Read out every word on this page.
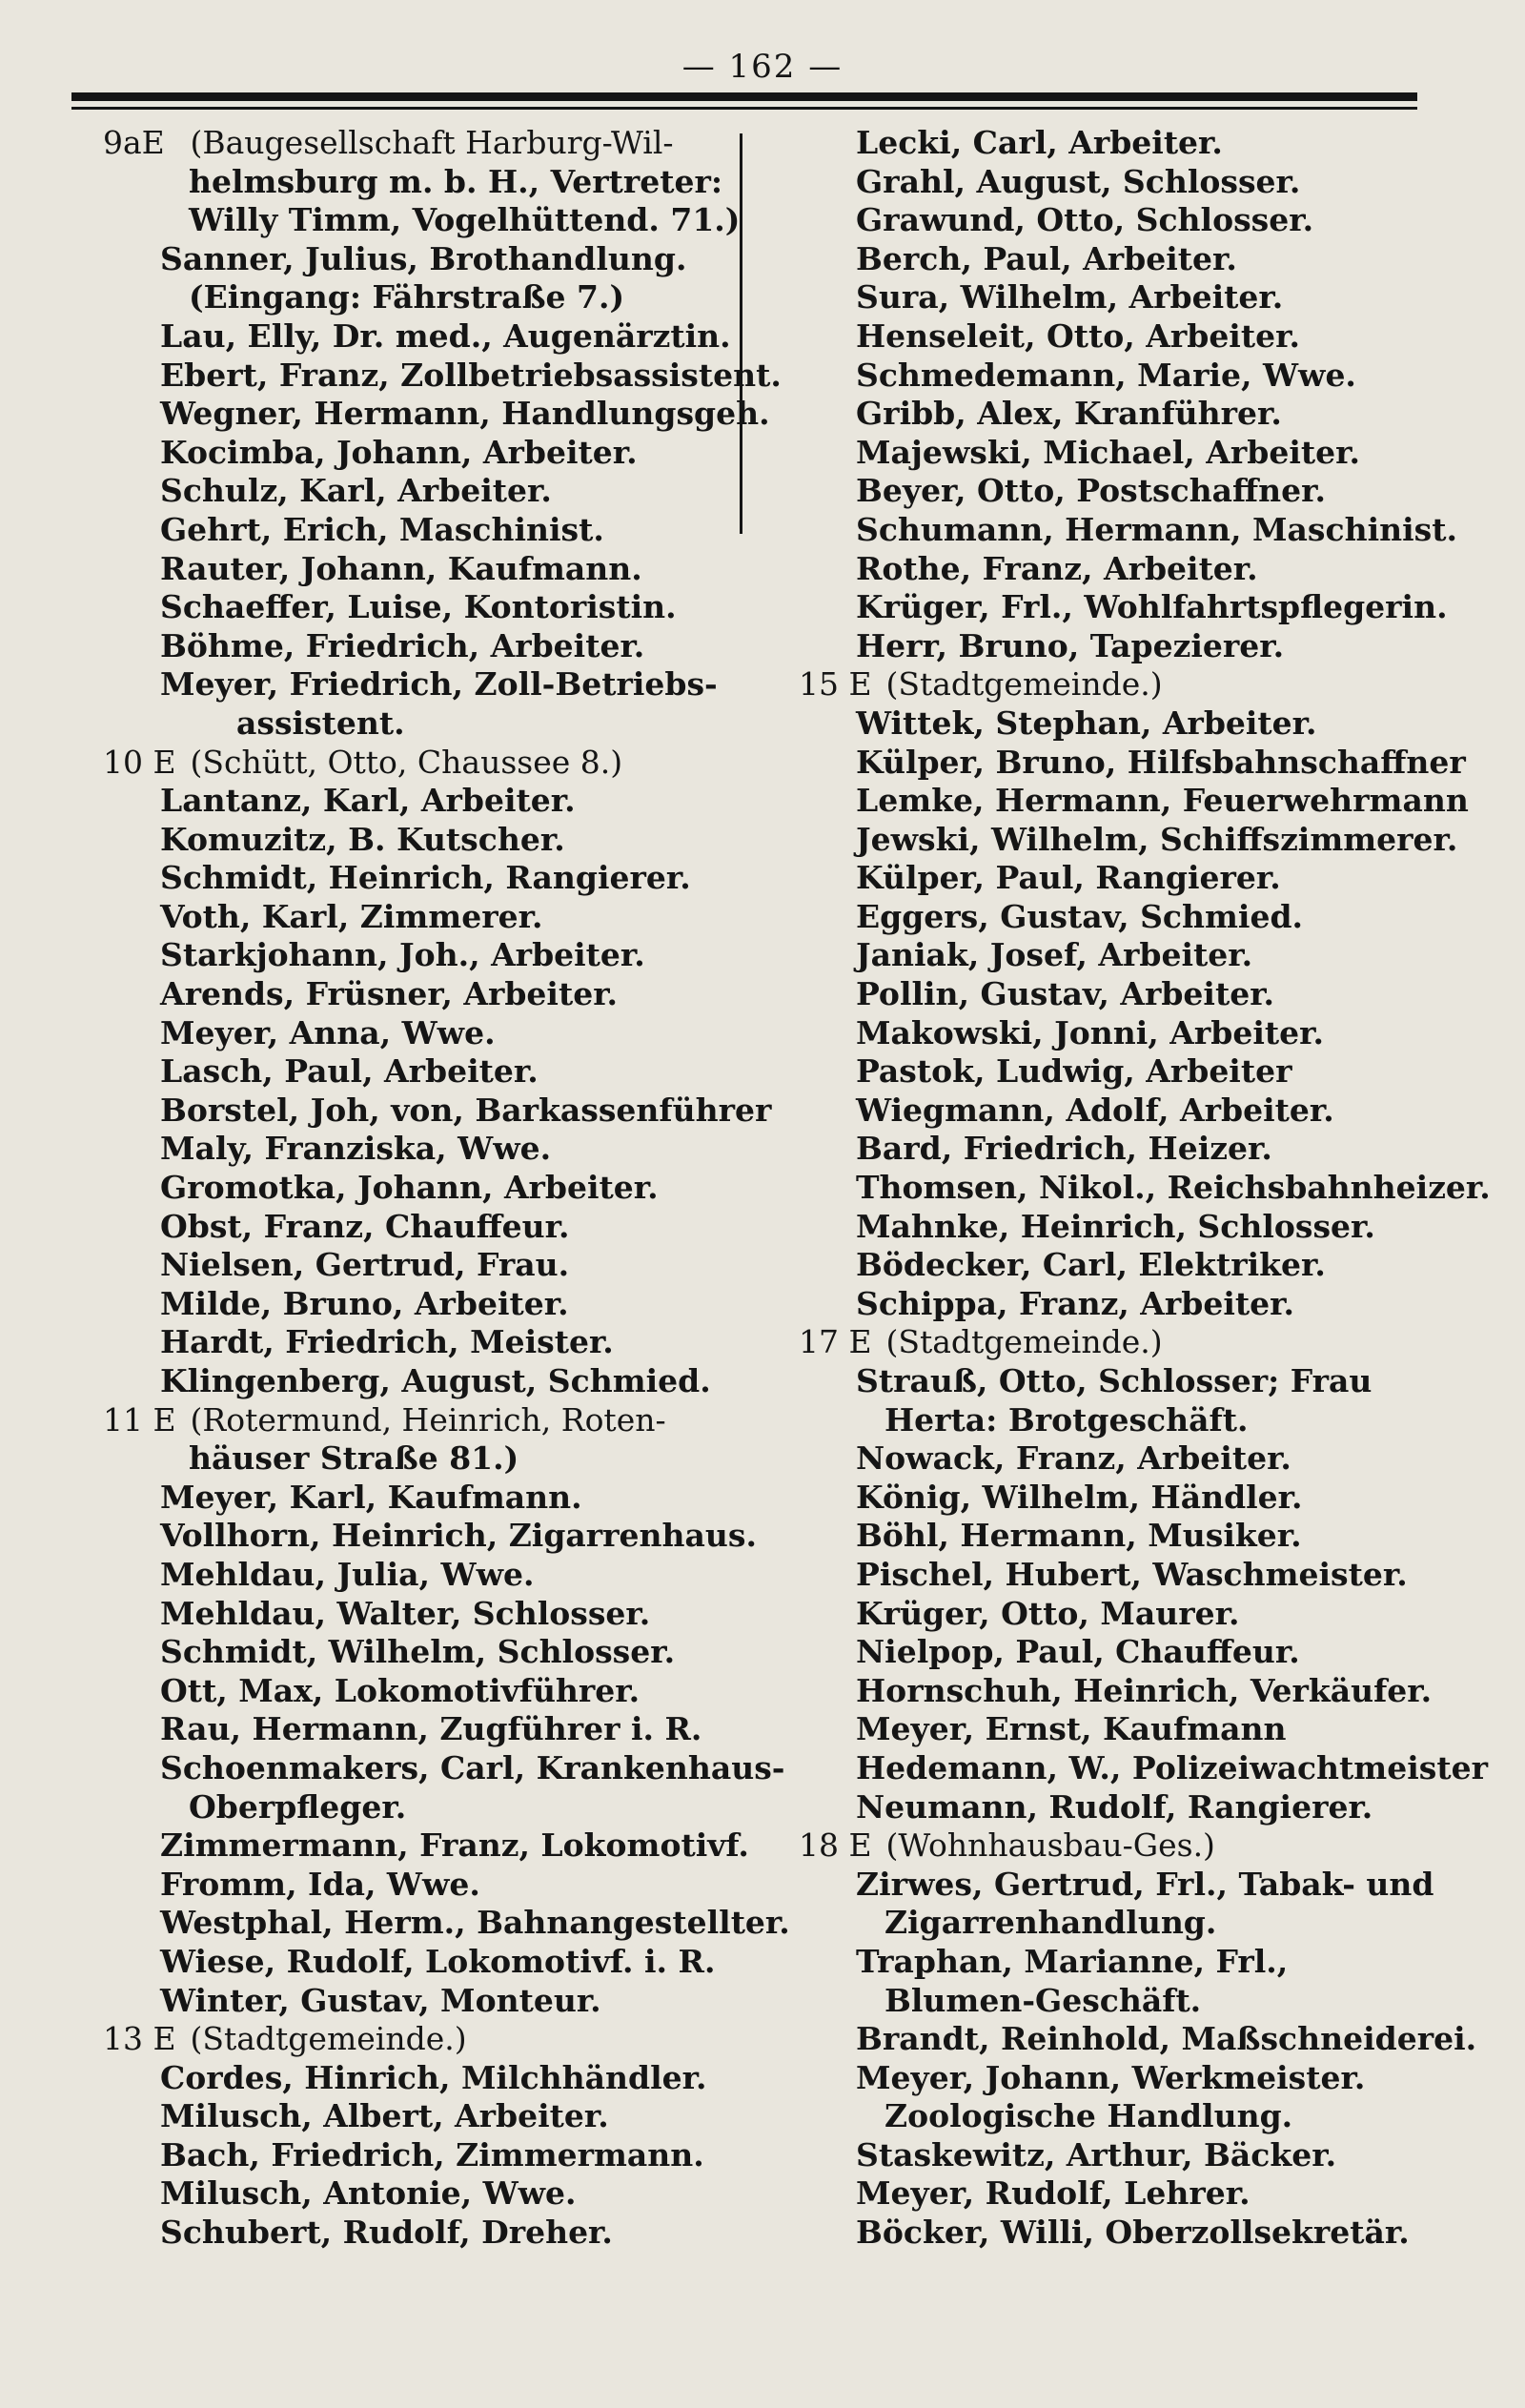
— 162 —
9aE (Baugesellschaft Harburg-Wil-
helmsburg m. b. H., Vertreter:
Willy Timm, Vogelhüttend. 71.)
Sanner, Julius, Brothandlung.
(Eingang: Fährstraße 7.)
Lau, Elly, Dr. med., Augenärztin.
Ebert, Franz, Zollbetriebsassistent.
Wegner, Hermann, Handlungsgeh.
Kocimba, Johann, Arbeiter.
Schulz, Karl, Arbeiter.
Gehrt, Erich, Maschinist.
Rauter, Johann, Kaufmann.
Schaeffer, Luise, Kontoristin.
Böhme, Friedrich, Arbeiter.
Meyer, Friedrich, Zoll-Betriebs-
assistent.
10 E (Schütt, Otto, Chaussee 8.)
Lantanz, Karl, Arbeiter.
Komuzitz, B. Kutscher.
Schmidt, Heinrich, Rangierer.
Voth, Karl, Zimmerer.
Starkjohann, Joh., Arbeiter.
Arends, Früsner, Arbeiter.
Meyer, Anna, Wwe.
Lasch, Paul, Arbeiter.
Borstel, Joh, von, Barkassenführer
Maly, Franziska, Wwe.
Gromotka, Johann, Arbeiter.
Obst, Franz, Chauffeur.
Nielsen, Gertrud, Frau.
Milde, Bruno, Arbeiter.
Hardt, Friedrich, Meister.
Klingenberg, August, Schmied.
11 E (Rotermund, Heinrich, Roten-
häuser Straße 81.)
Meyer, Karl, Kaufmann.
Vollhorn, Heinrich, Zigarrenhaus.
Mehldau, Julia, Wwe.
Mehldau, Walter, Schlosser.
Schmidt, Wilhelm, Schlosser.
Ott, Max, Lokomotivführer.
Rau, Hermann, Zugführer i. R.
Schoenmakers, Carl, Krankenhaus-
Oberpfleger.
Zimmermann, Franz, Lokomotivf.
Fromm, Ida, Wwe.
Westphal, Herm., Bahnangestellter.
Wiese, Rudolf, Lokomotivf. i. R.
Winter, Gustav, Monteur.
13 E (Stadtgemeinde.)
Cordes, Hinrich, Milchhändler.
Milusch, Albert, Arbeiter.
Bach, Friedrich, Zimmermann.
Milusch, Antonie, Wwe.
Schubert, Rudolf, Dreher.
Lecki, Carl, Arbeiter.
Grahl, August, Schlosser.
Grawund, Otto, Schlosser.
Berch, Paul, Arbeiter.
Sura, Wilhelm, Arbeiter.
Henseleit, Otto, Arbeiter.
Schmedemann, Marie, Wwe.
Gribb, Alex, Kranführer.
Majewski, Michael, Arbeiter.
Beyer, Otto, Postschaffner.
Schumann, Hermann, Maschinist.
Rothe, Franz, Arbeiter.
Krüger, Frl., Wohlfahrtspflegerin.
Herr, Bruno, Tapezierer.
15 E (Stadtgemeinde.)
Wittek, Stephan, Arbeiter.
Külper, Bruno, Hilfsbahnschaffner
Lemke, Hermann, Feuerwehrmann
Jewski, Wilhelm, Schiffszimmerer.
Külper, Paul, Rangierer.
Eggers, Gustav, Schmied.
Janiak, Josef, Arbeiter.
Pollin, Gustav, Arbeiter.
Makowski, Jonni, Arbeiter.
Pastok, Ludwig, Arbeiter
Wiegmann, Adolf, Arbeiter.
Bard, Friedrich, Heizer.
Thomsen, Nikol., Reichsbahnheizer.
Mahnke, Heinrich, Schlosser.
Bödecker, Carl, Elektriker.
Schippa, Franz, Arbeiter.
17 E (Stadtgemeinde.)
Strauß, Otto, Schlosser; Frau
Herta: Brotgeschäft.
Nowack, Franz, Arbeiter.
König, Wilhelm, Händler.
Böhl, Hermann, Musiker.
Pischel, Hubert, Waschmeister.
Krüger, Otto, Maurer.
Nielpop, Paul, Chauffeur.
Hornschuh, Heinrich, Verkäufer.
Meyer, Ernst, Kaufmann
Hedemann, W., Polizeiwachtmeister
Neumann, Rudolf, Rangierer.
18 E (Wohnhausbau-Ges.)
Zirwes, Gertrud, Frl., Tabak- und
Zigarrenhandlung.
Traphan, Marianne, Frl.,
Blumen-Geschäft.
Brandt, Reinhold, Maßschneiderei.
Meyer, Johann, Werkmeister.
Zoologische Handlung.
Staskewitz, Arthur, Bäcker.
Meyer, Rudolf, Lehrer.
Böcker, Willi, Oberzollsekretär.
